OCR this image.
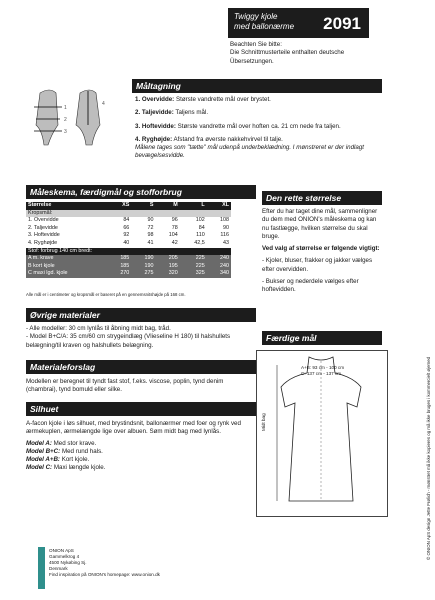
Twiggy kjole
med ballonærme 2091
Beachten Sie bitte:
Die Schnittmusterteile enthalten deutsche
Übersetzungen.
1
2
3
4
Måltagning
1. Overvidde: Største vandrette mål over brystet.
2. Taljevidde: Taljens mål.
3. Hoftevidde: Største vandrette mål over hoften ca. 21 cm nede fra taljen.
4. Ryghøjde: Afstand fra øverste nakkehvirvel til talje.
Målene tages som "tætte" mål udenpå underbeklædning. I mønstreret er der indlagt bevægelsesvidde.
Måleskema, færdigmål og stofforbrug
Størrelse	XS	S	M	L	XL
Kropsmål:					
1. Overvidde	84	90	96	102	108
2. Taljevidde	66	72	78	84	90
3. Hoftevidde	92	98	104	110	116
4. Ryghøjde	40	41	42	42,5	43
Stof: forbrug 140 cm bredt:					
A m. krave	185	190	205	225	240
B kort kjole	185	190	195	225	240
C maxi lgd. kjole	270	275	320	325	340
Alle mål er i centimeter og kropsmål er baseret på en gennemsnitshøjde på 168 cm.
Den rette størrelse
Efter du har taget dine mål, sammenligner du dem med ONION's måleskema og kan nu fastlægge, hvilken størrelse du skal bruge.
Ved valg af størrelse er følgende vigtigt:
- Kjoler, bluser, frakker og jakker vælges efter overvidden.
- Bukser og nederdele vælges efter hoftevidden.
Færdige mål
A+B: 93 cm - 100 cm
C: 137 cm - 137 cm
Midt bag
Øvrige materialer
- Alle modeller: 30 cm lynlås til åbning midt bag, tråd.
- Model B+C/A: 35 cm/60 cm strygeindlæg (Vlieseline H 180) til halshullets belægning/til kraven og halshullets belægning.
Materialeforslag
Modellen er beregnet til tyndt fast stof, f.eks. viscose, poplin, tynd denim (chambrai), tynd bomuld eller silke.
Silhuet
A-facon kjole i løs silhuet, med brystindsnit, ballonærmer med foer og rynk ved ærmekuplen, ærmelængde lige over albuen. Søm midt bag med lynlås.
Model A: Med stor krave.
Model B+C: Med rund hals.
Model A+B: Kort kjole.
Model C: Maxi længde kjole.
ONION ApS
Gammelkrog 4
4500 Nykøbing Sj.
Denmark
Find inspiration på ONION's homepage: www.onion.dk
© ONION ApS design Jette Frølich - mønstret må ikke kopieres og må ikke bruges i kommercielt øjemed
